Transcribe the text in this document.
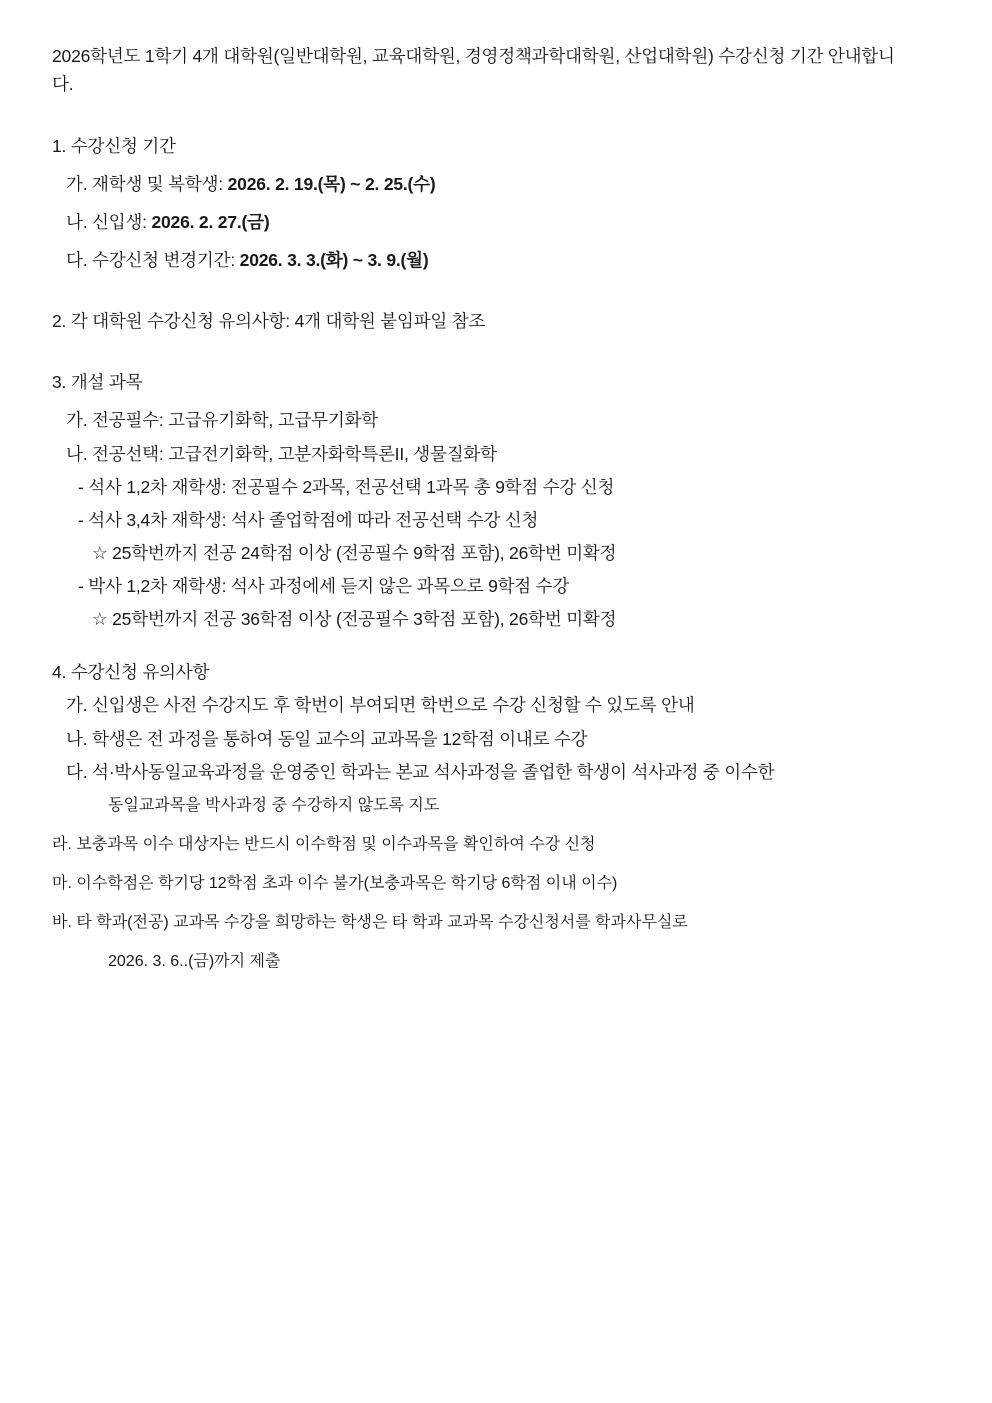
2026학년도 1학기 4개 대학원(일반대학원, 교육대학원, 경영정책과학대학원, 산업대학원) 수강신청 기간 안내합니다.

1. 수강신청 기간

가. 재학생 및 복학생: 2026. 2. 19.(목) ~ 2. 25.(수)

나. 신입생: 2026. 2. 27.(금)

다. 수강신청 변경기간: 2026. 3. 3.(화) ~ 3. 9.(월)

2. 각 대학원 수강신청 유의사항: 4개 대학원 붙임파일 참조

3. 개설 과목

가. 전공필수: 고급유기화학, 고급무기화학

나. 전공선택: 고급전기화학, 고분자화학특론II, 생물질화학

- 석사 1,2차 재학생: 전공필수 2과목, 전공선택 1과목 총 9학점 수강 신청

- 석사 3,4차 재학생: 석사 졸업학점에 따라 전공선택 수강 신청

☆ 25학번까지 전공 24학점 이상 (전공필수 9학점 포함), 26학번 미확정

- 박사 1,2차 재학생: 석사 과정에세 듣지 않은 과목으로 9학점 수강

☆ 25학번까지 전공 36학점 이상 (전공필수 3학점 포함), 26학번 미확정

4. 수강신청 유의사항

가. 신입생은 사전 수강지도 후 학번이 부여되면 학번으로 수강 신청할 수 있도록 안내

나. 학생은 전 과정을 통하여 동일 교수의 교과목을 12학점 이내로 수강

다. 석·박사동일교육과정을 운영중인 학과는 본교 석사과정을 졸업한 학생이 석사과정 중 이수한

동일교과목을 박사과정 중 수강하지 않도록 지도

라. 보충과목 이수 대상자는 반드시 이수학점 및 이수과목을 확인하여 수강 신청

마. 이수학점은 학기당 12학점 초과 이수 불가(보충과목은 학기당 6학점 이내 이수)

바. 타 학과(전공) 교과목 수강을 희망하는 학생은 타 학과 교과목 수강신청서를 학과사무실로

2026. 3. 6..(금)까지 제출
